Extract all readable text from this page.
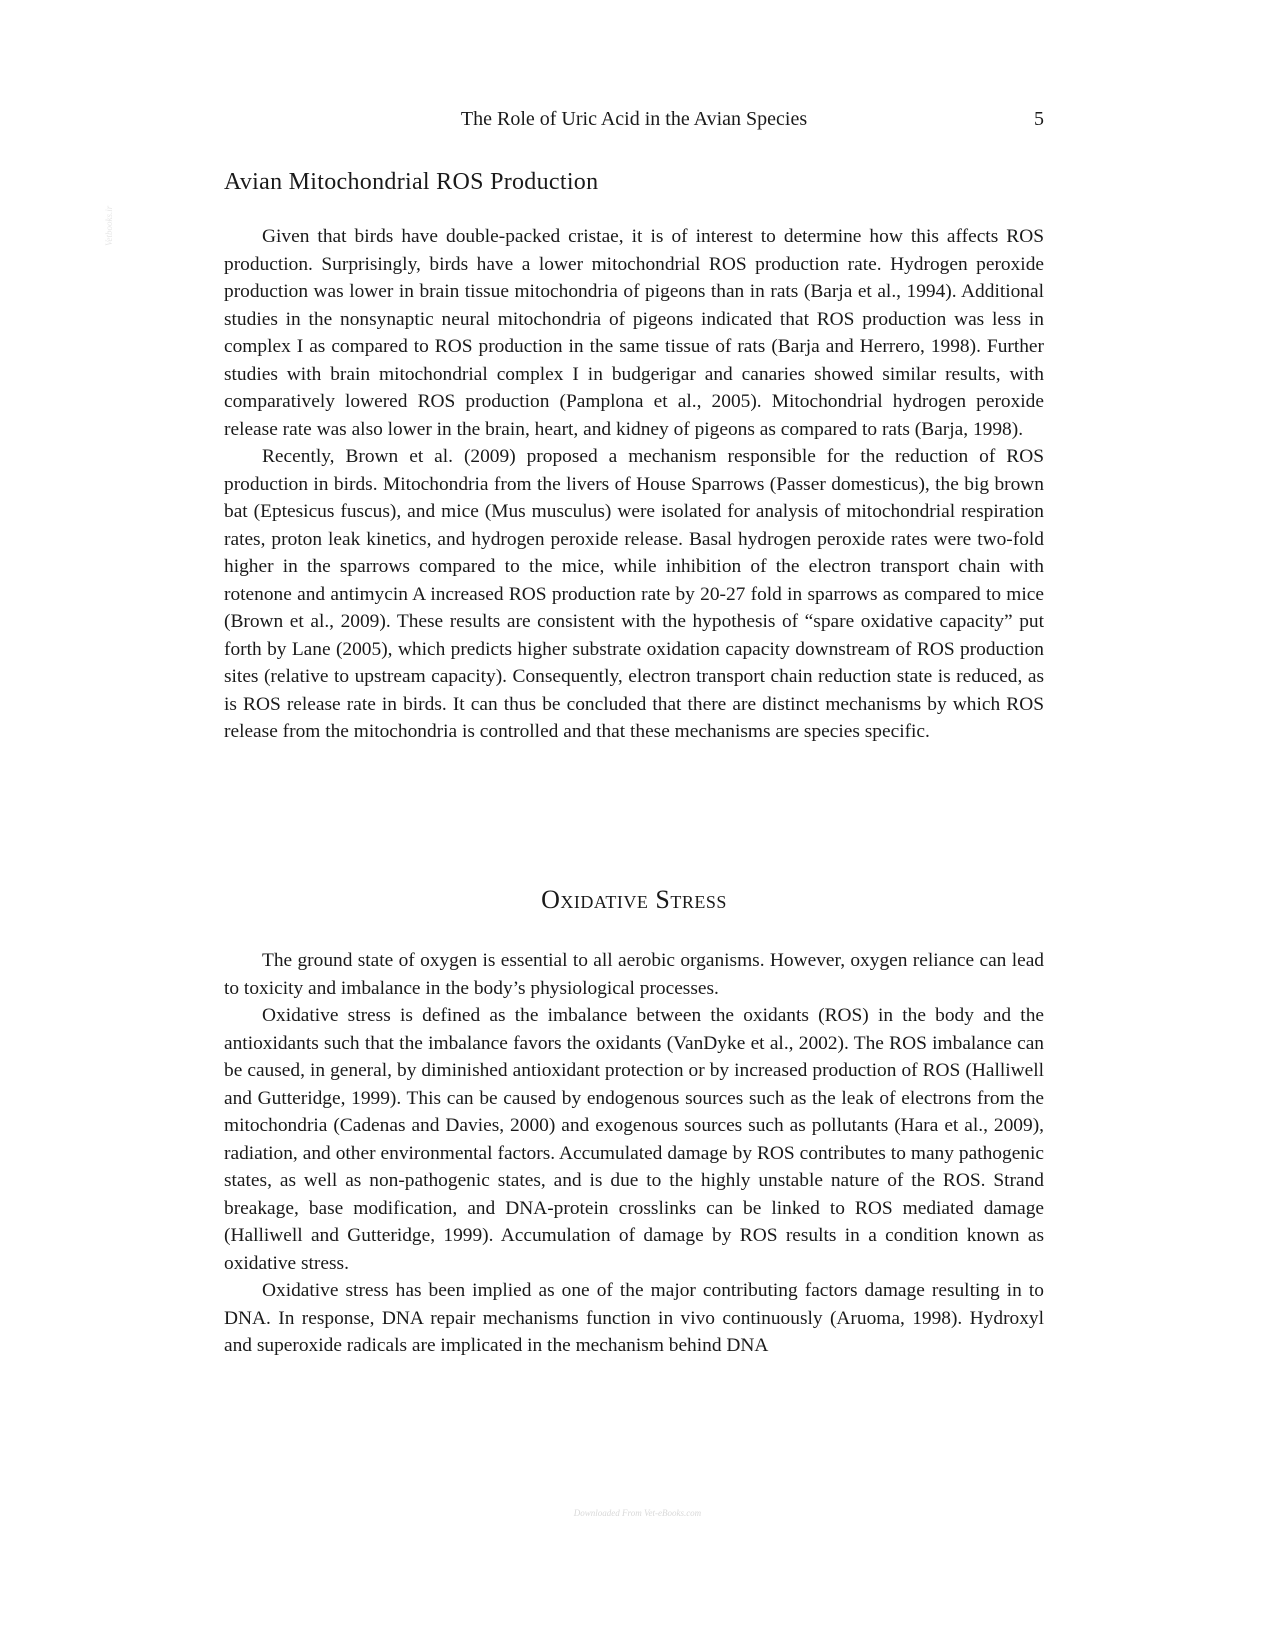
The Role of Uric Acid in the Avian Species	5
Avian Mitochondrial ROS Production

Given that birds have double-packed cristae, it is of interest to determine how this affects ROS production. Surprisingly, birds have a lower mitochondrial ROS production rate. Hydrogen peroxide production was lower in brain tissue mitochondria of pigeons than in rats (Barja et al., 1994). Additional studies in the nonsynaptic neural mitochondria of pigeons indicated that ROS production was less in complex I as compared to ROS production in the same tissue of rats (Barja and Herrero, 1998). Further studies with brain mitochondrial complex I in budgerigar and canaries showed similar results, with comparatively lowered ROS production (Pamplona et al., 2005). Mitochondrial hydrogen peroxide release rate was also lower in the brain, heart, and kidney of pigeons as compared to rats (Barja, 1998).

Recently, Brown et al. (2009) proposed a mechanism responsible for the reduction of ROS production in birds. Mitochondria from the livers of House Sparrows (Passer domesticus), the big brown bat (Eptesicus fuscus), and mice (Mus musculus) were isolated for analysis of mitochondrial respiration rates, proton leak kinetics, and hydrogen peroxide release. Basal hydrogen peroxide rates were two-fold higher in the sparrows compared to the mice, while inhibition of the electron transport chain with rotenone and antimycin A increased ROS production rate by 20-27 fold in sparrows as compared to mice (Brown et al., 2009). These results are consistent with the hypothesis of “spare oxidative capacity” put forth by Lane (2005), which predicts higher substrate oxidation capacity downstream of ROS production sites (relative to upstream capacity). Consequently, electron transport chain reduction state is reduced, as is ROS release rate in birds. It can thus be concluded that there are distinct mechanisms by which ROS release from the mitochondria is controlled and that these mechanisms are species specific.

Oxidative Stress

The ground state of oxygen is essential to all aerobic organisms. However, oxygen reliance can lead to toxicity and imbalance in the body’s physiological processes.

Oxidative stress is defined as the imbalance between the oxidants (ROS) in the body and the antioxidants such that the imbalance favors the oxidants (VanDyke et al., 2002). The ROS imbalance can be caused, in general, by diminished antioxidant protection or by increased production of ROS (Halliwell and Gutteridge, 1999). This can be caused by endogenous sources such as the leak of electrons from the mitochondria (Cadenas and Davies, 2000) and exogenous sources such as pollutants (Hara et al., 2009), radiation, and other environmental factors. Accumulated damage by ROS contributes to many pathogenic states, as well as non-pathogenic states, and is due to the highly unstable nature of the ROS. Strand breakage, base modification, and DNA-protein crosslinks can be linked to ROS mediated damage (Halliwell and Gutteridge, 1999). Accumulation of damage by ROS results in a condition known as oxidative stress.

Oxidative stress has been implied as one of the major contributing factors damage resulting in to DNA. In response, DNA repair mechanisms function in vivo continuously (Aruoma, 1998). Hydroxyl and superoxide radicals are implicated in the mechanism behind DNA

Vetbooks.ir
Downloaded From Vet-eBooks.com
